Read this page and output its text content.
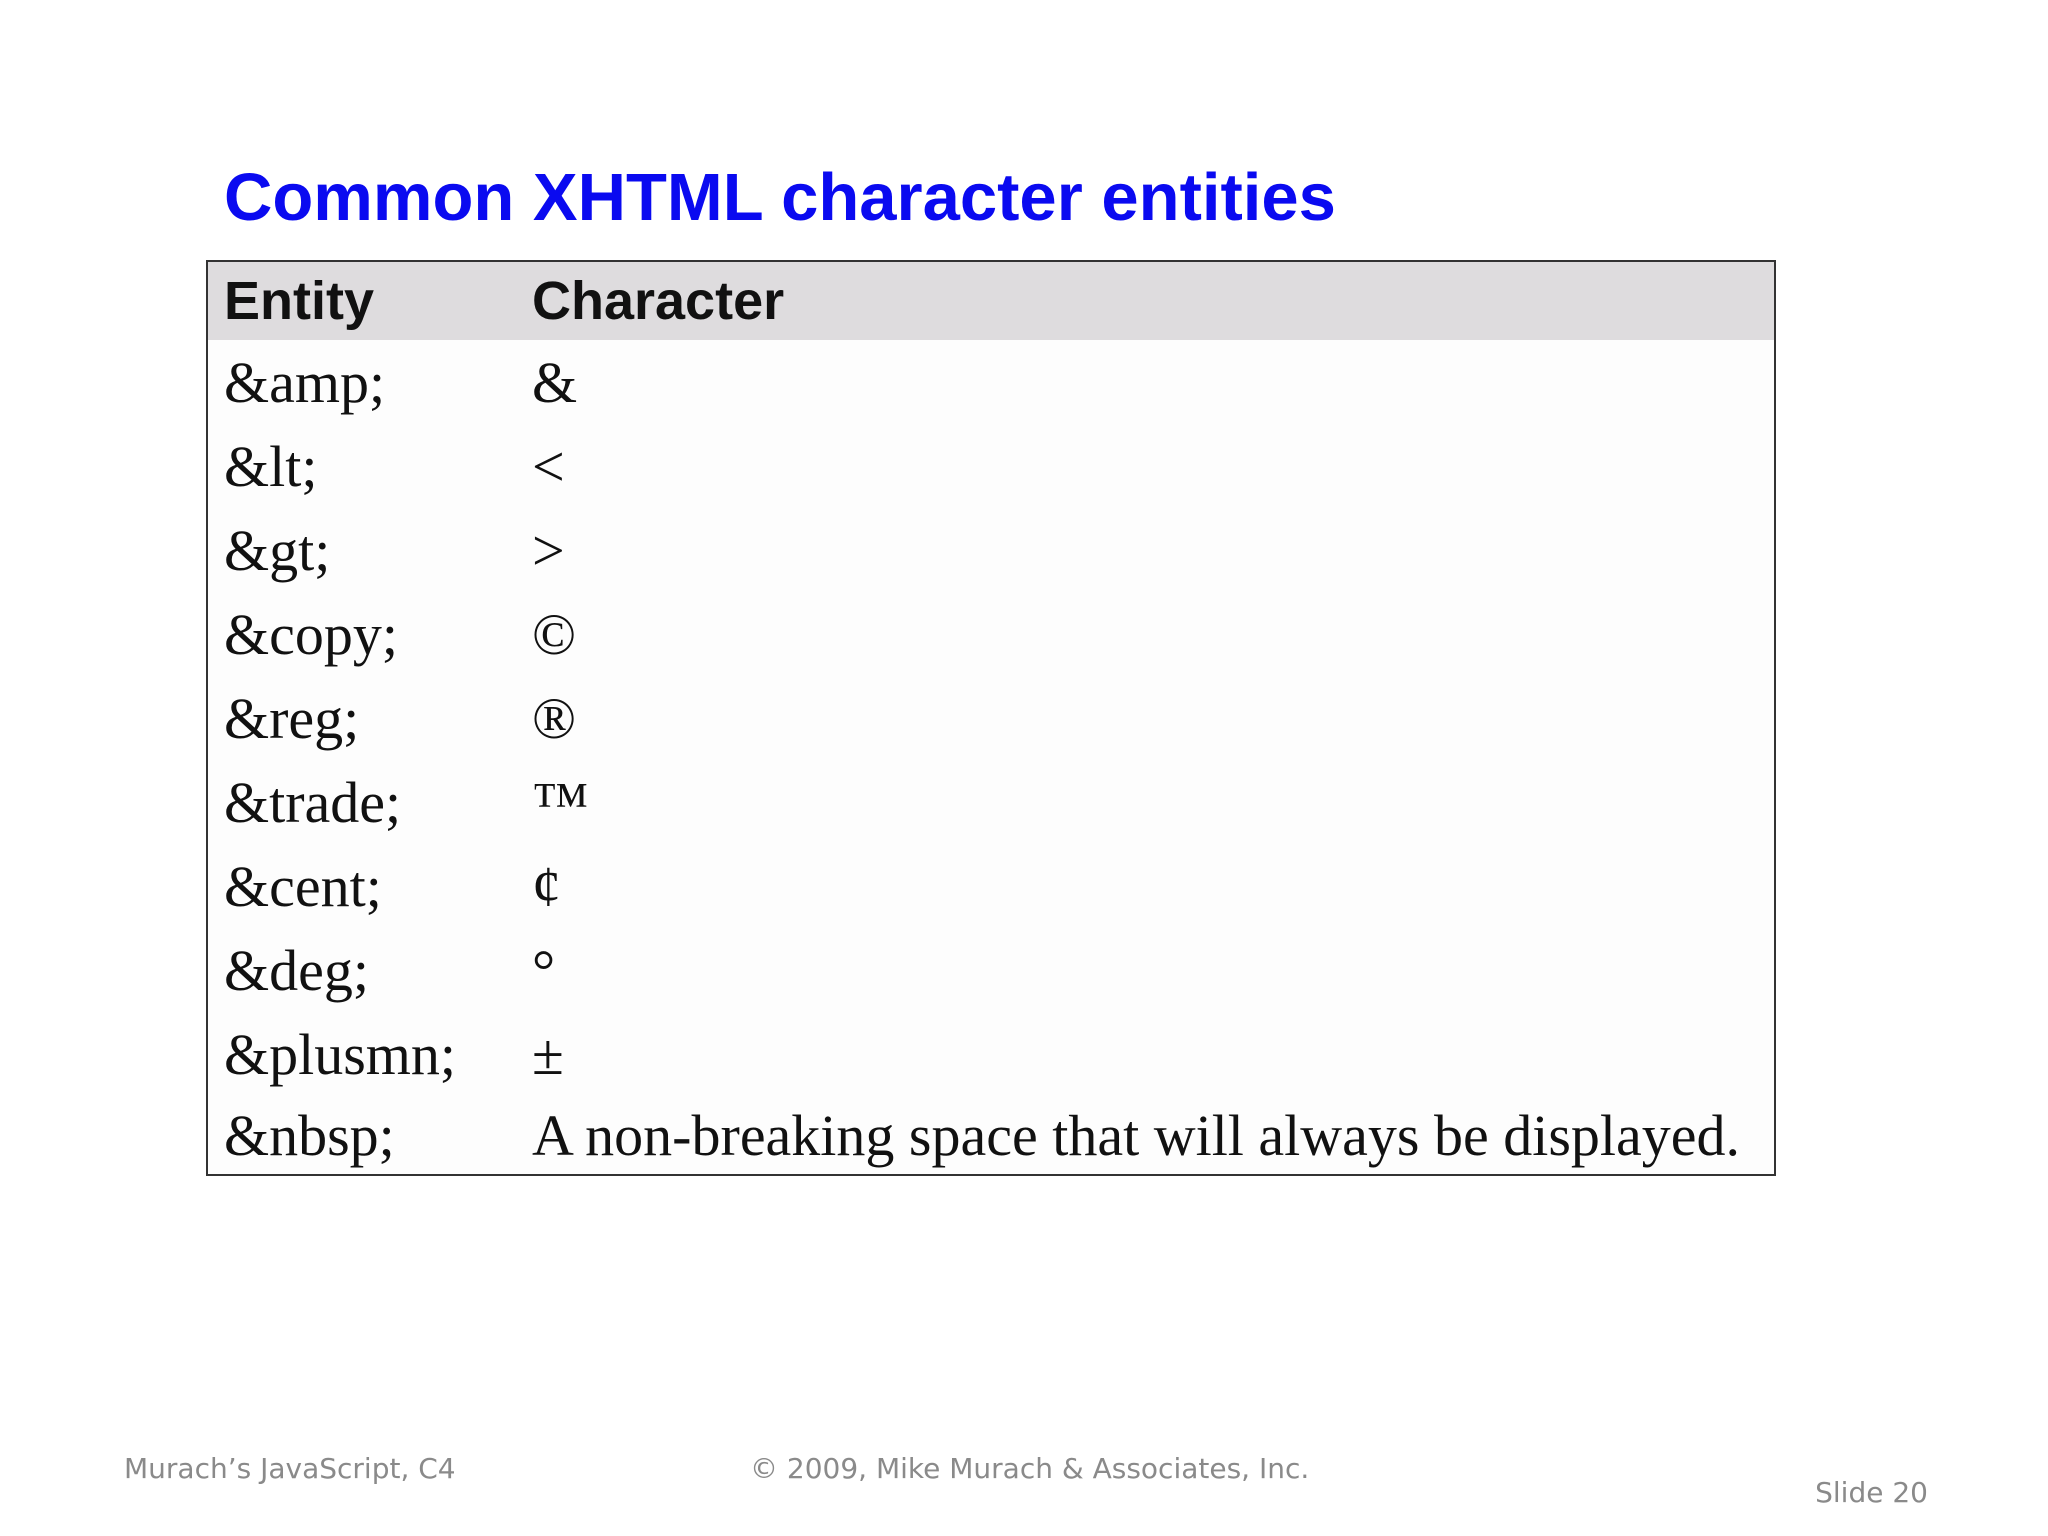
Common XHTML character entities
Entity	Character
&amp;	&
&lt;	<
&gt;	>
&copy;	©
&reg;	®
&trade;	™
&cent;	¢
&deg;	°
&plusmn;	±
&nbsp;	A non-breaking space that will always be displayed.
Murach’s JavaScript, C4	© 2009, Mike Murach & Associates, Inc.
Slide 20
